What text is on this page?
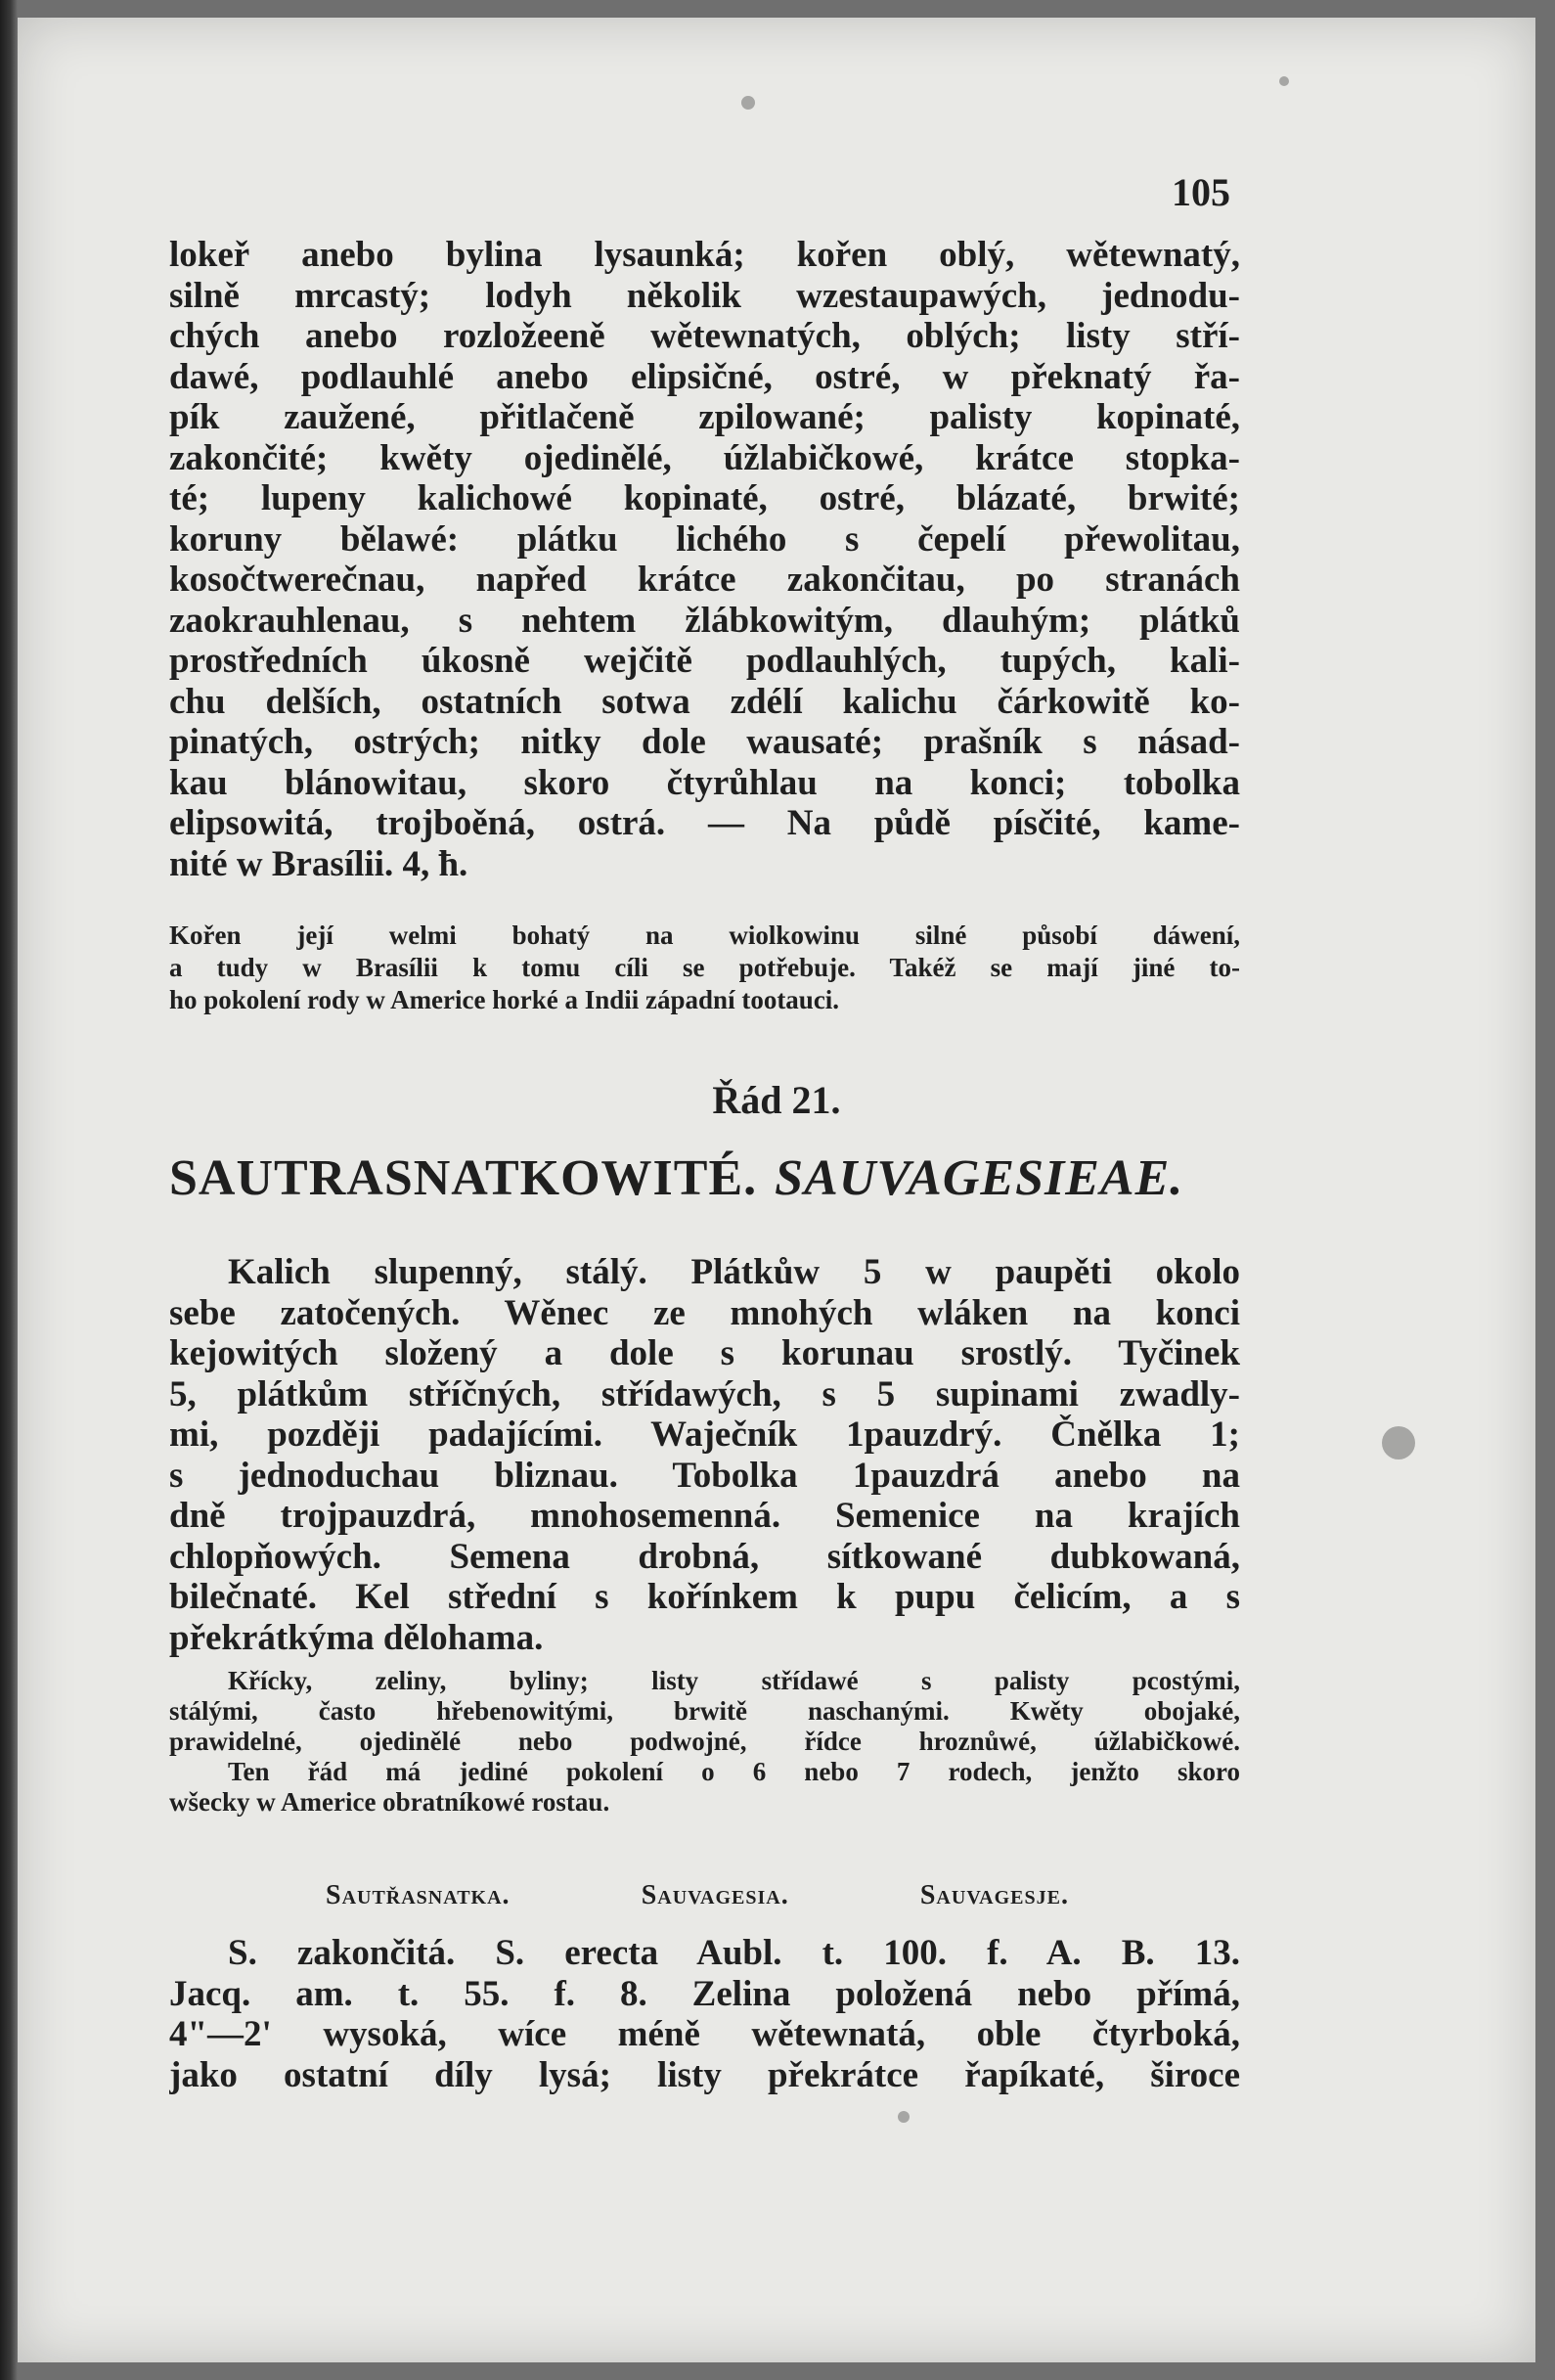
105
lokeř anebo bylina lysaunká; kořen oblý, wětewnatý,
silně mrcastý; lodyh několik wzestaupawých, jednodu-
chých anebo rozložeeně wětewnatých, oblých; listy stří-
dawé, podlauhlé anebo elipsičné, ostré, w překnatý řa-
pík zaužené, přitlačeně zpilowané; palisty kopinaté,
zakončité; kwěty ojedinělé, úžlabičkowé, krátce stopka-
té; lupeny kalichowé kopinaté, ostré, blázaté, brwité;
koruny bělawé: plátku lichého s čepelí přewolitau,
kosočtwerečnau, napřed krátce zakončitau, po stranách
zaokrauhlenau, s nehtem žlábkowitým, dlauhým; plátků
prostředních úkosně wejčitě podlauhlých, tupých, kali-
chu delších, ostatních sotwa zdélí kalichu čárkowitě ko-
pinatých, ostrých; nitky dole wausaté; prašník s násad-
kau blánowitau, skoro čtyrůhlau na konci; tobolka
elipsowitá, trojboěná, ostrá. — Na půdě písčité, kame-
nité w Brasílii. 4, ħ.
Kořen její welmi bohatý na wiolkowinu silné působí dáwení,
a tudy w Brasílii k tomu cíli se potřebuje. Takéž se mají jiné to-
ho pokolení rody w Americe horké a Indii západní tootauci.
Řád 21.
SAUTRASNATKOWITÉ. SAUVAGESIEAE.
Kalich slupenný, stálý. Plátkůw 5 w paupěti okolo
sebe zatočených. Wěnec ze mnohých wláken na konci
kejowitých složený a dole s korunau srostlý. Tyčinek
5, plátkům stříčných, střídawých, s 5 supinami zwadly-
mi, později padajícími. Waječník 1pauzdrý. Čnělka 1;
s jednoduchau bliznau. Tobolka 1pauzdrá anebo na
dně trojpauzdrá, mnohosemenná. Semenice na krajích
chlopňowých. Semena drobná, sítkowané dubkowaná,
bilečnaté. Kel střední s kořínkem k pupu čelicím, a s
překrátkýma dělohama.
Křícky, zeliny, byliny; listy střídawé s palisty pcostými,
stálými, často hřebenowitými, brwitě naschanými. Kwěty obojaké,
prawidelné, ojedinělé nebo podwojné, řídce hroznůwé, úžlabičkowé.
Ten řád má jediné pokolení o 6 nebo 7 rodech, jenžto skoro
wšecky w Americe obratníkowé rostau.
Sautřasnatka.	Sauvagesia.	Sauvagesje.
S. zakončitá. S. erecta Aubl. t. 100. f. A. B. 13.
Jacq. am. t. 55. f. 8. Zelina položená nebo přímá,
4"—2' wysoká, wíce méně wětewnatá, oble čtyrboká,
jako ostatní díly lysá; listy překrátce řapíkaté, široce
